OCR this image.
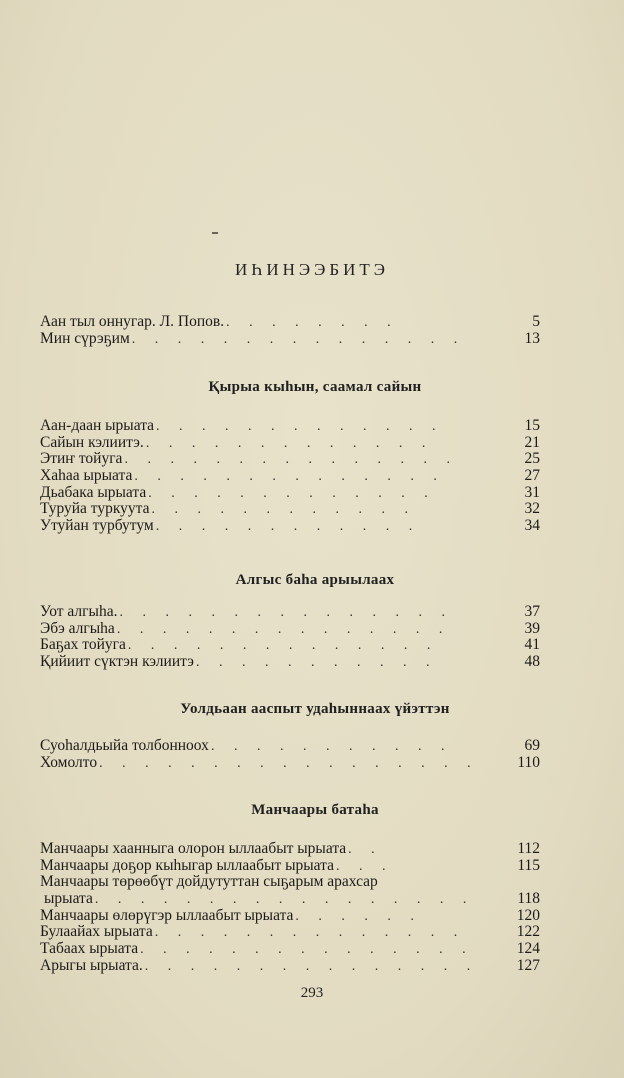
ИҺИНЭЭБИТЭ
Аан тыл оннугар. Л. Попов. . . . . . . . .	5
Мин сүрэҕим . . . . . . . . . . . . . . .	13
Қырыа кыһын, саамал сайын
Аан-даан ырыата . . . . . . . . . . . . .	15
Сайын кэлиитэ. . . . . . . . . . . . . .	21
Этиҥ тойуга . . . . . . . . . . . . . . .	25
Хаһаа ырыата . . . . . . . . . . . . . .	27
Дьабака ырыата . . . . . . . . . . . . .	31
Туруйа туркуута . . . . . . . . . . . .	32
Утуйан турбутум . . . . . . . . . . . .	34
Алгыс баһа арыылаах
Уот алгыһа. . . . . . . . . . . . . . . .	37
Эбэ алгыһа . . . . . . . . . . . . . . .	39
Баҕах тойуга . . . . . . . . . . . . . .	41
Қийиит сүктэн кэлиитэ . . . . . . . . . . .	48
Уолдьаан ааспыт удаһыннаах үйэттэн
Суоһалдьыйа толбонноох . . . . . . . . . . .	69
Хомолто . . . . . . . . . . . . . . . . .	110
Манчаары батаһа
Манчаары хаанныга олорон ыллаабыт ырыата . .	112
Манчаары доҕор кыһыгар ыллаабыт ырыата . . .	115
Манчаары төрөөбүт дойдутуттан сыҕарым арахсар
ырыата . . . . . . . . . . . . . . . . .	118
Манчаары өлөрүгэр ыллаабыт ырыата . . . . . .	120
Булаайах ырыата . . . . . . . . . . . . . .	122
Табаах ырыата . . . . . . . . . . . . . . .	124
Арыгы ырыата. . . . . . . . . . . . . . . .	127
293
